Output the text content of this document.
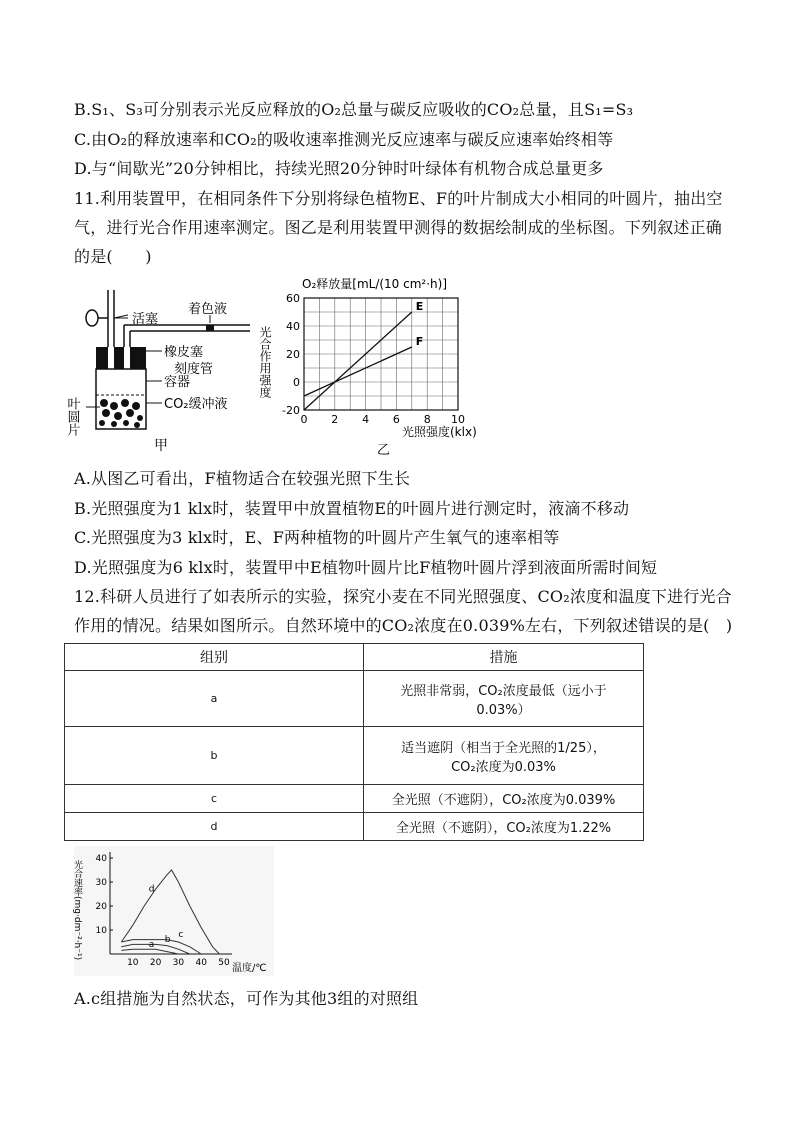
B.S₁、S₃可分别表示光反应释放的O₂总量与碳反应吸收的CO₂总量，且S₁=S₃
C.由O₂的释放速率和CO₂的吸收速率推测光反应速率与碳反应速率始终相等
D.与“间歇光”20分钟相比，持续光照20分钟时叶绿体有机物合成总量更多
11.利用装置甲，在相同条件下分别将绿色植物E、F的叶片制成大小相同的叶圆片，抽出空
气，进行光合作用速率测定。图乙是利用装置甲测得的数据绘制成的坐标图。下列叙述正确
的是(　　)
活塞
着色液
橡皮塞
刻度管
容器
CO₂缓冲液
叶圆片
甲
O₂释放量[mL/(10 cm²·h)]
光合作用强度
光照强度(klx)
乙
0 2 4 6 8 10
-20
0
20
40
60
E
F
A.从图乙可看出，F植物适合在较强光照下生长
B.光照强度为1 klx时，装置甲中放置植物E的叶圆片进行测定时，液滴不移动
C.光照强度为3 klx时，E、F两种植物的叶圆片产生氧气的速率相等
D.光照强度为6 klx时，装置甲中E植物叶圆片比F植物叶圆片浮到液面所需时间短
12.科研人员进行了如表所示的实验，探究小麦在不同光照强度、CO₂浓度和温度下进行光合
作用的情况。结果如图所示。自然环境中的CO₂浓度在0.039%左右，下列叙述错误的是(　)
组别	措施
a	光照非常弱，CO₂浓度最低（远小于
0.03%）

b	适当遮阴（相当于全光照的1/25），
CO₂浓度为0.03%

c	全光照（不遮阴），CO₂浓度为0.039%
d	全光照（不遮阴），CO₂浓度为1.22%
光合速率(mg·dm⁻²·h⁻¹)
温度/℃
10 20 30 40 50
10
20
30
40
d
c
b
a
A.c组措施为自然状态，可作为其他3组的对照组
